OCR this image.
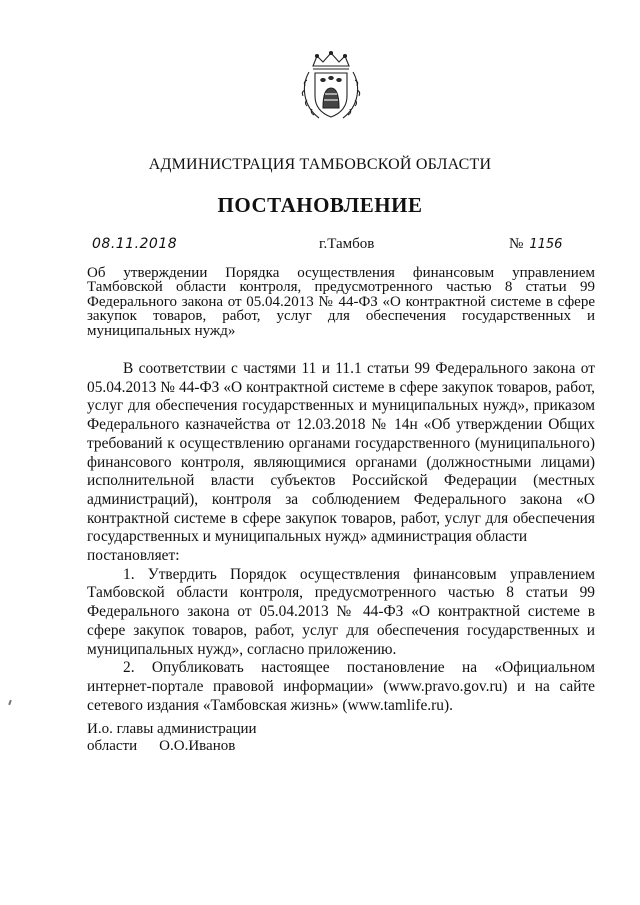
АДМИНИСТРАЦИЯ ТАМБОВСКОЙ ОБЛАСТИ
ПОСТАНОВЛЕНИЕ
08.11.2018	г.Тамбов	№ 1156
Об утверждении Порядка осуществления финансовым управлением Тамбовской области контроля, предусмотренного частью 8 статьи 99 Федерального закона от 05.04.2013 № 44-ФЗ «О контрактной системе в сфере закупок товаров, работ, услуг для обеспечения государственных и муниципальных нужд»

В соответствии с частями 11 и 11.1 статьи 99 Федерального закона от 05.04.2013 № 44-ФЗ «О контрактной системе в сфере закупок товаров, работ, услуг для обеспечения государственных и муниципальных нужд», приказом Федерального казначейства от 12.03.2018 № 14н «Об утверждении Общих требований к осуществлению органами государственного (муниципального) финансового контроля, являющимися органами (должностными лицами) исполнительной власти субъектов Российской Федерации (местных администраций), контроля за соблюдением Федерального закона «О контрактной системе в сфере закупок товаров, работ, услуг для обеспечения государственных и муниципальных нужд» администрация области

постановляет:

1. Утвердить Порядок осуществления финансовым управлением Тамбовской области контроля, предусмотренного частью 8 статьи 99 Федерального закона от 05.04.2013 № 44-ФЗ «О контрактной системе в сфере закупок товаров, работ, услуг для обеспечения государственных и муниципальных нужд», согласно приложению.

2. Опубликовать настоящее постановление на «Официальном интернет-портале правовой информации» (www.pravo.gov.ru) и на сайте сетевого издания «Тамбовская жизнь» (www.tamlife.ru).

И.о. главы администрации
области О.О.Иванов
